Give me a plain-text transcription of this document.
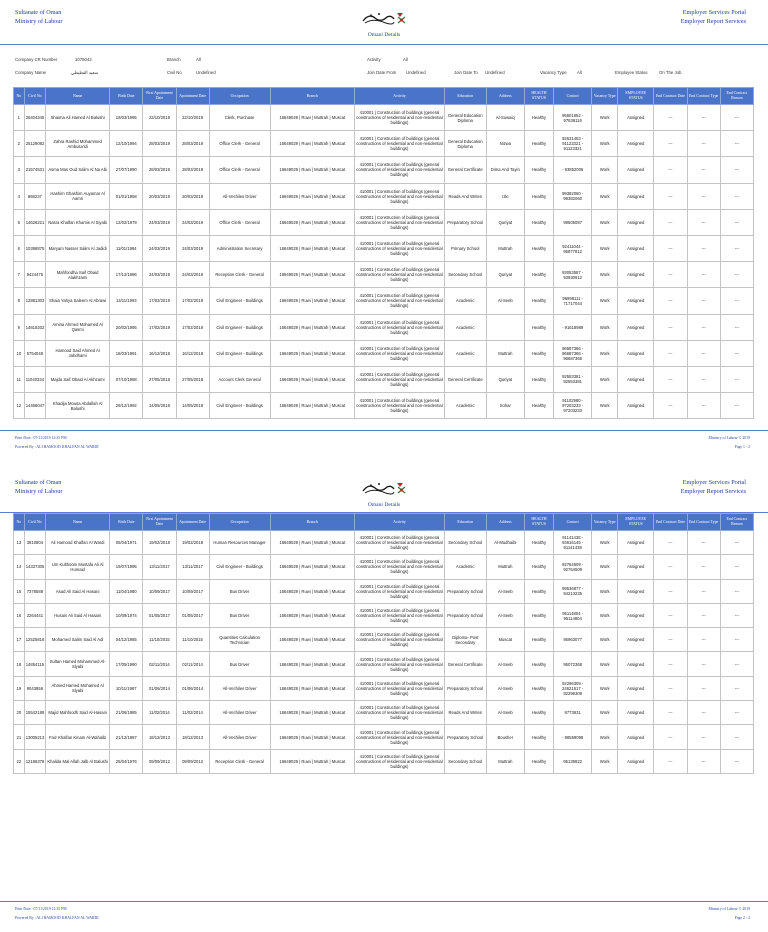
Sultanate of Oman
Ministry of Labour
Employer Services Portal
Employer Report Services
Omani Details
Company CR Number	1075042	Branch	All	Activity	All
Company Name	سعيد القطيطي	Civil No	Undefined	Join Date From Undefined	Join Date To Undefined	Vacancy Type All	Employee Status	On The Job
No	Civil No	Name	Birth Date	First Apointment Date	Apointment Date	Occupation	Branch	Activity	Education	Address	HEALTH STATUS	Contact	Vacancy Type	EMPLOYEE STATUS	End Contract Date	End Contract Type	End Contract Reason
1	26404345	Shaima Ali Hamed Al Balushi	19/03/1995	22/10/2019	22/10/2019	Clerk, Purchase	16649029 | Ruwi | Muttrah | Muscat	410001 | Construction of buildings (general constructions of residential and non-residential buildings)	General Education Diploma	Al-Suwaiq	Healthy	95601652 - 97636116	Work	Assigned	---	---	---
2	25129092	Zahra Rashid Mohammed Ambusa'idi	12/10/1994	28/03/2019	28/03/2019	Office Clerk - General	16649029 | Ruwi | Muttrah | Muscat	410001 | Construction of buildings (general constructions of residential and non-residential buildings)	General Education Diploma	Nizwa	Healthy	92631453 - 91123321 - 91123321	Work	Assigned	---	---	---
3	21574531	Asma Mas Oud Salim Al Na Abi	27/07/1990	28/03/2019	28/03/2019	Office Clerk - General	16649029 | Ruwi | Muttrah | Muscat	410001 | Construction of buildings (general constructions of residential and non-residential buildings)	General Certificate	Dima And Tayin	Healthy	- 93852006	Work	Assigned	---	---	---
4	868237	Hashim Ghashim Auyamar Al Aamri	01/01/1958	20/03/2019	20/03/2019	All-Vechiles Driver	16649029 | Ruwi | Muttrah | Muscat	410001 | Construction of buildings (general constructions of residential and non-residential buildings)	Reads And Writes	Izki	Healthy	99382060 - 99382060	Work	Assigned	---	---	---
5	14626221	Nasra Khalfan Khamis Al Siyabi	12/02/1979	24/03/2019	24/03/2019	Office Clerk - General	16649029 | Ruwi | Muttrah | Muscat	410001 | Construction of buildings (general constructions of residential and non-residential buildings)	Preparatory School	Quriyat	Healthy	99505087	Work	Assigned	---	---	---
6	10398875	Maryam Nasser Salim Al Jadidi	11/01/1984	24/03/2019	24/03/2019	Administration Secretary	16649029 | Ruwi | Muttrah | Muscat	410001 | Construction of buildings (general constructions of residential and non-residential buildings)	Primary School	Muttrah	Healthy	92411044 - 95877812	Work	Assigned	---	---	---
7	9424475	Mahfoodha Saif Obaid Alakhzami	17/12/1986	24/03/2019	24/03/2019	Reception Clerk - General	16649029 | Ruwi | Muttrah | Muscat	410001 | Construction of buildings (general constructions of residential and non-residential buildings)	Secondary School	Quriyat	Healthy	93053587 - 93930912	Work	Assigned	---	---	---
8	12881303	Shaia Yahya Saleem Al Abrawi	13/11/1993	17/02/2019	17/02/2019	Civil Engineer - Buildings	16649029 | Ruwi | Muttrah | Muscat	410001 | Construction of buildings (general constructions of residential and non-residential buildings)	Academic	Al-Seeb	Healthy	96998111 - 71717044	Work	Assigned	---	---	---
9	14818202	Amina Ahmed Mohamed Al Qasmi	20/02/1995	17/02/2019	17/02/2019	Civil Engineer - Buildings	16649029 | Ruwi | Muttrah | Muscat	410001 | Construction of buildings (general constructions of residential and non-residential buildings)	Academic		Healthy	- 91618989	Work	Assigned	---	---	---
10	5754049	Hamood Said Ahmed Al Jahdhami	18/03/1991	16/12/2018	16/12/2018	Civil Engineer - Buildings	16649029 | Ruwi | Muttrah | Muscat	410001 | Construction of buildings (general constructions of residential and non-residential buildings)	Academic	Muttrah	Healthy	96687366 - 96687366 - 96687366	Work	Assigned	---	---	---
11	11040334	Majda Saif Obaid Al Akhzami	07/10/1988	27/05/2018	27/05/2018	Account Clerk General	16649029 | Ruwi | Muttrah | Muscat	410001 | Construction of buildings (general constructions of residential and non-residential buildings)	General Certificate	Quriyat	Healthy	92553381 - 92553381	Work	Assigned	---	---	---
12	14468047	Khadija Mousa Abdallah Al Balushi	29/12/1992	14/05/2018	14/05/2018	Civil Engineer - Buildings	16649029 | Ruwi | Muttrah | Muscat	410001 | Construction of buildings (general constructions of residential and non-residential buildings)	Academic	Sohar	Healthy	91102980 - 97203233 - 97203233	Work	Assigned	---	---	---
Print Date : 07/11/2019 12:35 PM
Powered By : ALI HAMOOD KHALFAN AL WARDI
Ministry of Labour © 2019
Page 1 - 2
Sultanate of Oman
Ministry of Labour
Employer Services Portal
Employer Report Services
Omani Details
No	Civil No	Name	Birth Date	First Apointment Date	Apointment Date	Occupation	Branch	Activity	Education	Address	HEALTH STATUS	Contact	Vacancy Type	EMPLOYEE STATUS	End Contract Date	End Contract Type	End Contract Reason
13	3910804	Ali Hamood Khalfan Al Wardi	05/04/1971	19/02/2018	19/02/2018	Human Resources Manager	16649029 | Ruwi | Muttrah | Muscat	410001 | Construction of buildings (general constructions of residential and non-residential buildings)	Secondary School	Al-Mudhaibi	Healthy	91141438 - 93616145 - 91141438	Work	Assigned	---	---	---
14	14337305	Um Kulthoom Mustafa Ali Al Humaid	19/07/1995	13/11/2017	13/11/2017	Civil Engineer - Buildings	16649029 | Ruwi | Muttrah | Muscat	410001 | Construction of buildings (general constructions of residential and non-residential buildings)	Academic	Muttrah	Healthy	92764509 - 92764509	Work	Assigned	---	---	---
15	7376588	Asad Ali Said Al Hasani	11/04/1980	10/09/2017	10/09/2017	Bus Driver	16649029 | Ruwi | Muttrah | Muscat	410001 | Construction of buildings (general constructions of residential and non-residential buildings)	Preparatory School	Al-Seeb	Healthy	99536877 - 94213235	Work	Assigned	---	---	---
16	2264441	Husain Ali Said Al Hasani	10/09/1974	01/05/2017	01/05/2017	Bus Driver	16649029 | Ruwi | Muttrah | Muscat	410001 | Construction of buildings (general constructions of residential and non-residential buildings)	Preparatory School	Al-Seeb	Healthy	95114804 - 95114804	Work	Assigned	---	---	---
17	12525816	Mohamed Salim Said Al Adi	04/12/1985	11/10/2015	11/10/2015	Quantities Calculation Technician	16649029 | Ruwi | Muttrah | Muscat	410001 | Construction of buildings (general constructions of residential and non-residential buildings)	Diploma- Post Secondary	Muscat	Healthy	95963077	Work	Assigned	---	---	---
18	14854115	Sultan Hamed Mohammed Al-Siyabi	17/05/1990	02/11/2014	02/11/2014	Bus Driver	16649029 | Ruwi | Muttrah | Muscat	410001 | Construction of buildings (general constructions of residential and non-residential buildings)	General Certificate	Al-Seeb	Healthy	95072368	Work	Assigned	---	---	---
19	9043856	Ahmed Hamed Mohamed Al Siyabi	10/11/1987	01/06/2014	01/06/2014	All-Vechiles Driver	16649029 | Ruwi | Muttrah | Muscat	410001 | Construction of buildings (general constructions of residential and non-residential buildings)	Preparatory School	Al-Seeb	Healthy	92296309 - 24621517 - 92296309	Work	Assigned	---	---	---
20	15542189	Majid Mahfoodh Said Al-Hasani	21/06/1985	11/02/2014	11/02/2014	All-Vechiles Driver	16649029 | Ruwi | Muttrah | Muscat	410001 | Construction of buildings (general constructions of residential and non-residential buildings)	Reads And Writes	Al-Seeb	Healthy	9773631	Work	Assigned	---	---	---
21	13005213	Faiz Khalfan Kinam Al-Wahaibi	21/12/1987	18/12/2013	18/12/2013	All-Vechiles Driver	16649029 | Ruwi | Muttrah | Muscat	410001 | Construction of buildings (general constructions of residential and non-residential buildings)	Preparatory School	Bousher	Healthy	- 98559098	Work	Assigned	---	---	---
22	12186378	Khalida Mal Allah Jalb Al Balushi	25/04/1976	09/09/2012	09/09/2012	Reception Clerk - General	16649029 | Ruwi | Muttrah | Muscat	410001 | Construction of buildings (general constructions of residential and non-residential buildings)	Secondary School	Muttrah	Healthy	95139822	Work	Assigned	---	---	---
Print Date : 07/11/2019 12:35 PM
Powered By : ALI HAMOOD KHALFAN AL WARDI
Ministry of Labour © 2019
Page 2 - 2
